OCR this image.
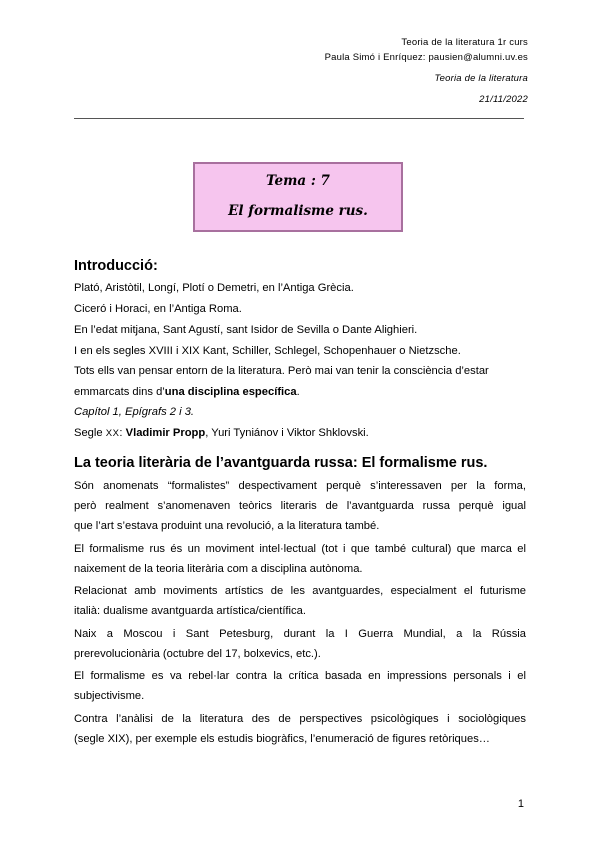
Teoria de la literatura 1r curs
Paula Simó i Enríquez: pausien@alumni.uv.es
Teoria de la literatura
21/11/2022
Tema : 7
El formalisme rus.
Introducció:
Plató, Aristòtil, Longí, Plotí o Demetri, en l’Antiga Grècia.
Ciceró i Horaci, en l’Antiga Roma.
En l’edat mitjana, Sant Agustí, sant Isidor de Sevilla o Dante Alighieri.
I en els segles XVIII i XIX Kant, Schiller, Schlegel, Schopenhauer o Nietzsche.
Tots ells van pensar entorn de la literatura. Però mai van tenir la consciència d’estar
emmarcats dins d’una disciplina específica.
Capítol 1, Epígrafs 2 i 3.
Segle XX: Vladimir Propp, Yuri Tyniánov i Viktor Shklovski.
La teoria literària de l’avantguarda russa: El formalisme rus.
Són anomenats “formalistes” despectivament perquè s’interessaven per la forma,
però realment s’anomenaven teòrics literaris de l’avantguarda russa perquè igual
que l’art s’estava produint una revolució, a la literatura també.
El formalisme rus és un moviment intel·lectual (tot i que també cultural) que marca el
naixement de la teoria literària com a disciplina autònoma.
Relacionat amb moviments artístics de les avantguardes, especialment el futurisme
italià: dualisme avantguarda artística/científica.
Naix a Moscou i Sant Petesburg, durant la I Guerra Mundial, a la Rússia
prerevolucionària (octubre del 17, bolxevics, etc.).
El formalisme es va rebel·lar contra la crítica basada en impressions personals i el
subjectivisme.
Contra l’anàlisi de la literatura des de perspectives psicològiques i sociològiques
(segle XIX), per exemple els estudis biogràfics, l’enumeració de figures retòriques…
1
